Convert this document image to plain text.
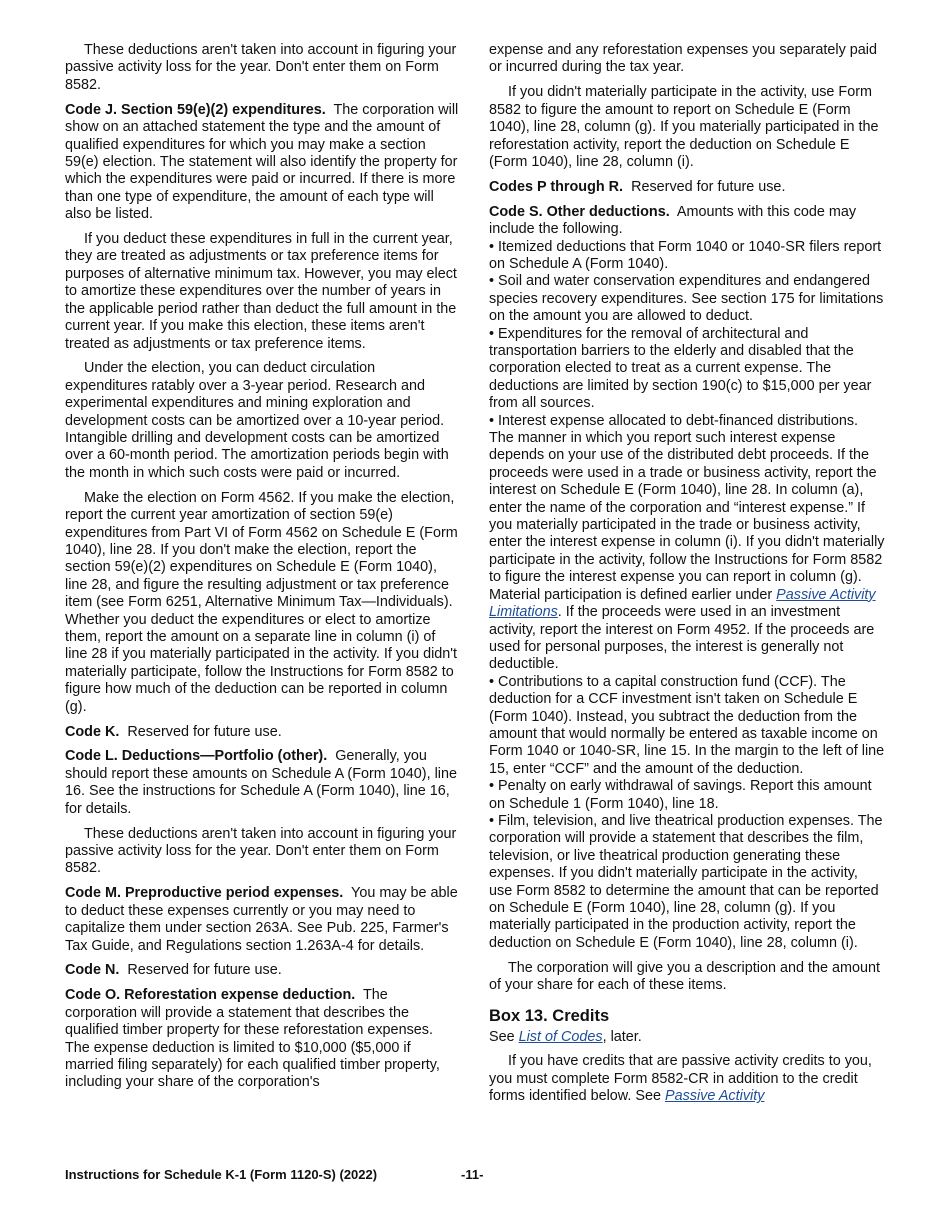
These deductions aren't taken into account in figuring your passive activity loss for the year. Don't enter them on Form 8582.

Code J. Section 59(e)(2) expenditures. The corporation will show on an attached statement the type and the amount of qualified expenditures for which you may make a section 59(e) election. The statement will also identify the property for which the expenditures were paid or incurred. If there is more than one type of expenditure, the amount of each type will also be listed.

If you deduct these expenditures in full in the current year, they are treated as adjustments or tax preference items for purposes of alternative minimum tax. However, you may elect to amortize these expenditures over the number of years in the applicable period rather than deduct the full amount in the current year. If you make this election, these items aren't treated as adjustments or tax preference items.

Under the election, you can deduct circulation expenditures ratably over a 3-year period. Research and experimental expenditures and mining exploration and development costs can be amortized over a 10-year period. Intangible drilling and development costs can be amortized over a 60-month period. The amortization periods begin with the month in which such costs were paid or incurred.

Make the election on Form 4562. If you make the election, report the current year amortization of section 59(e) expenditures from Part VI of Form 4562 on Schedule E (Form 1040), line 28. If you don't make the election, report the section 59(e)(2) expenditures on Schedule E (Form 1040), line 28, and figure the resulting adjustment or tax preference item (see Form 6251, Alternative Minimum Tax—Individuals). Whether you deduct the expenditures or elect to amortize them, report the amount on a separate line in column (i) of line 28 if you materially participated in the activity. If you didn't materially participate, follow the Instructions for Form 8582 to figure how much of the deduction can be reported in column (g).

Code K. Reserved for future use.

Code L. Deductions—Portfolio (other). Generally, you should report these amounts on Schedule A (Form 1040), line 16. See the instructions for Schedule A (Form 1040), line 16, for details.

These deductions aren't taken into account in figuring your passive activity loss for the year. Don't enter them on Form 8582.

Code M. Preproductive period expenses. You may be able to deduct these expenses currently or you may need to capitalize them under section 263A. See Pub. 225, Farmer's Tax Guide, and Regulations section 1.263A-4 for details.

Code N. Reserved for future use.

Code O. Reforestation expense deduction. The corporation will provide a statement that describes the qualified timber property for these reforestation expenses. The expense deduction is limited to $10,000 ($5,000 if married filing separately) for each qualified timber property, including your share of the corporation's

expense and any reforestation expenses you separately paid or incurred during the tax year.

If you didn't materially participate in the activity, use Form 8582 to figure the amount to report on Schedule E (Form 1040), line 28, column (g). If you materially participated in the reforestation activity, report the deduction on Schedule E (Form 1040), line 28, column (i).

Codes P through R. Reserved for future use.

Code S. Other deductions. Amounts with this code may include the following.

• Itemized deductions that Form 1040 or 1040-SR filers report on Schedule A (Form 1040).

• Soil and water conservation expenditures and endangered species recovery expenditures. See section 175 for limitations on the amount you are allowed to deduct.

• Expenditures for the removal of architectural and transportation barriers to the elderly and disabled that the corporation elected to treat as a current expense. The deductions are limited by section 190(c) to $15,000 per year from all sources.

• Interest expense allocated to debt-financed distributions. The manner in which you report such interest expense depends on your use of the distributed debt proceeds. If the proceeds were used in a trade or business activity, report the interest on Schedule E (Form 1040), line 28. In column (a), enter the name of the corporation and “interest expense.” If you materially participated in the trade or business activity, enter the interest expense in column (i). If you didn't materially participate in the activity, follow the Instructions for Form 8582 to figure the interest expense you can report in column (g). Material participation is defined earlier under Passive Activity Limitations. If the proceeds were used in an investment activity, report the interest on Form 4952. If the proceeds are used for personal purposes, the interest is generally not deductible.

• Contributions to a capital construction fund (CCF). The deduction for a CCF investment isn't taken on Schedule E (Form 1040). Instead, you subtract the deduction from the amount that would normally be entered as taxable income on Form 1040 or 1040-SR, line 15. In the margin to the left of line 15, enter “CCF” and the amount of the deduction.

• Penalty on early withdrawal of savings. Report this amount on Schedule 1 (Form 1040), line 18.

• Film, television, and live theatrical production expenses. The corporation will provide a statement that describes the film, television, or live theatrical production generating these expenses. If you didn't materially participate in the activity, use Form 8582 to determine the amount that can be reported on Schedule E (Form 1040), line 28, column (g). If you materially participated in the production activity, report the deduction on Schedule E (Form 1040), line 28, column (i).

The corporation will give you a description and the amount of your share for each of these items.

Box 13. Credits

See List of Codes, later.

If you have credits that are passive activity credits to you, you must complete Form 8582-CR in addition to the credit forms identified below. See Passive Activity

Instructions for Schedule K-1 (Form 1120-S) (2022)	-11-
